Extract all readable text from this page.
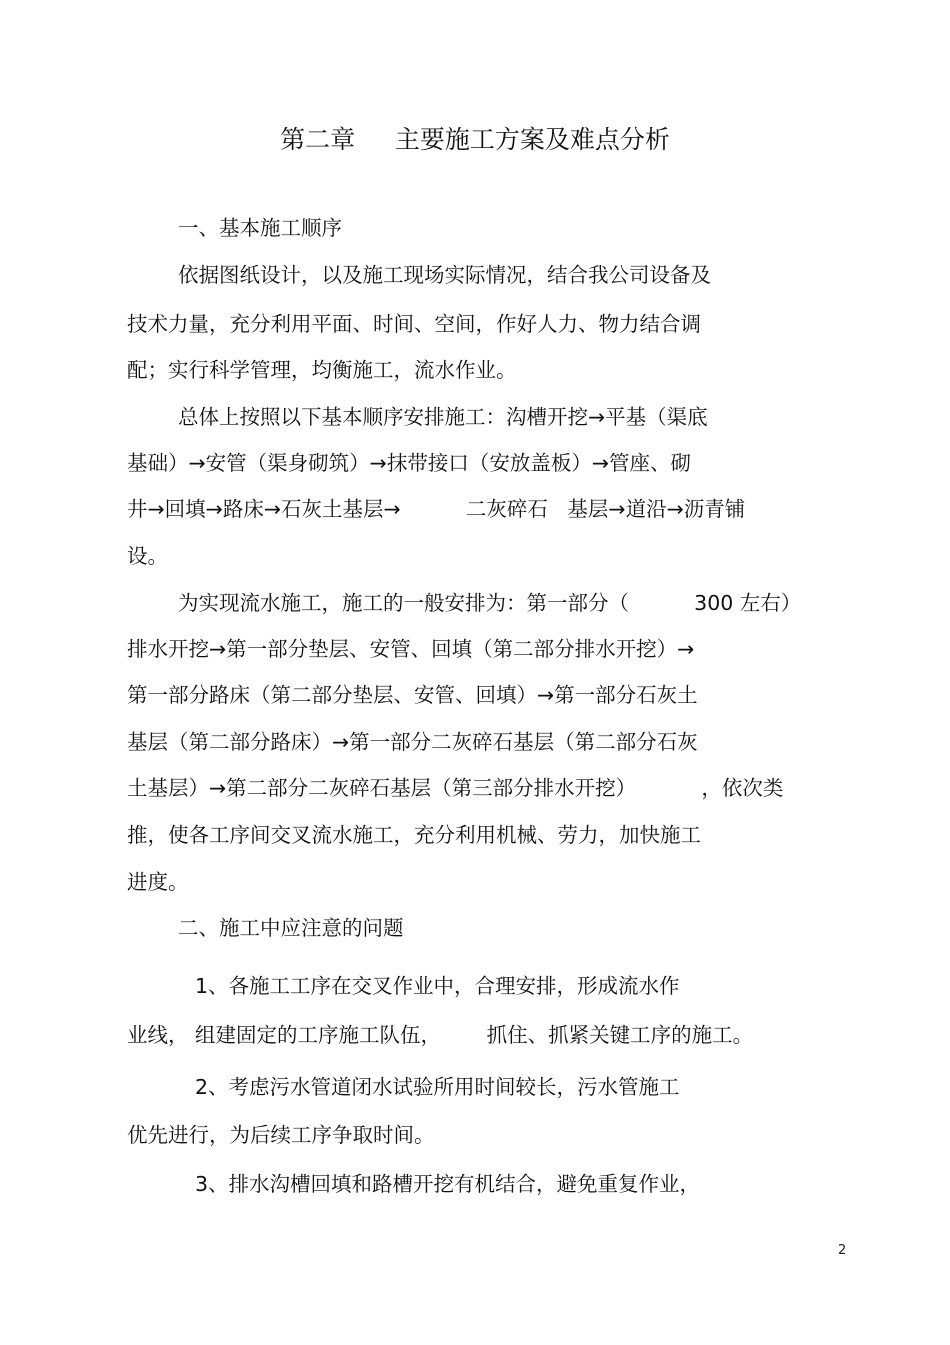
第二章     主要施工方案及难点分析
一、基本施工顺序
依据图纸设计，以及施工现场实际情况，结合我公司设备及
技术力量，充分利用平面、时间、空间，作好人力、物力结合调
配；实行科学管理，均衡施工，流水作业。
总体上按照以下基本顺序安排施工：沟槽开挖→平基（渠底
基础）→安管（渠身砌筑）→抹带接口（安放盖板）→管座、砌
井→回填→路床→石灰土基层→          二灰碎石   基层→道沿→沥青铺
设。
为实现流水施工，施工的一般安排为：第一部分（          300 左右）
排水开挖→第一部分垫层、安管、回填（第二部分排水开挖）→
第一部分路床（第二部分垫层、安管、回填）→第一部分石灰土
基层（第二部分路床）→第一部分二灰碎石基层（第二部分石灰
土基层）→第二部分二灰碎石基层（第三部分排水开挖）          ，依次类
推，使各工序间交叉流水施工，充分利用机械、劳力，加快施工
进度。
二、施工中应注意的问题
1、各施工工序在交叉作业中，合理安排，形成流水作
业线， 组建固定的工序施工队伍，       抓住、抓紧关键工序的施工。
2、考虑污水管道闭水试验所用时间较长，污水管施工
优先进行，为后续工序争取时间。
3、排水沟槽回填和路槽开挖有机结合，避免重复作业，
2
